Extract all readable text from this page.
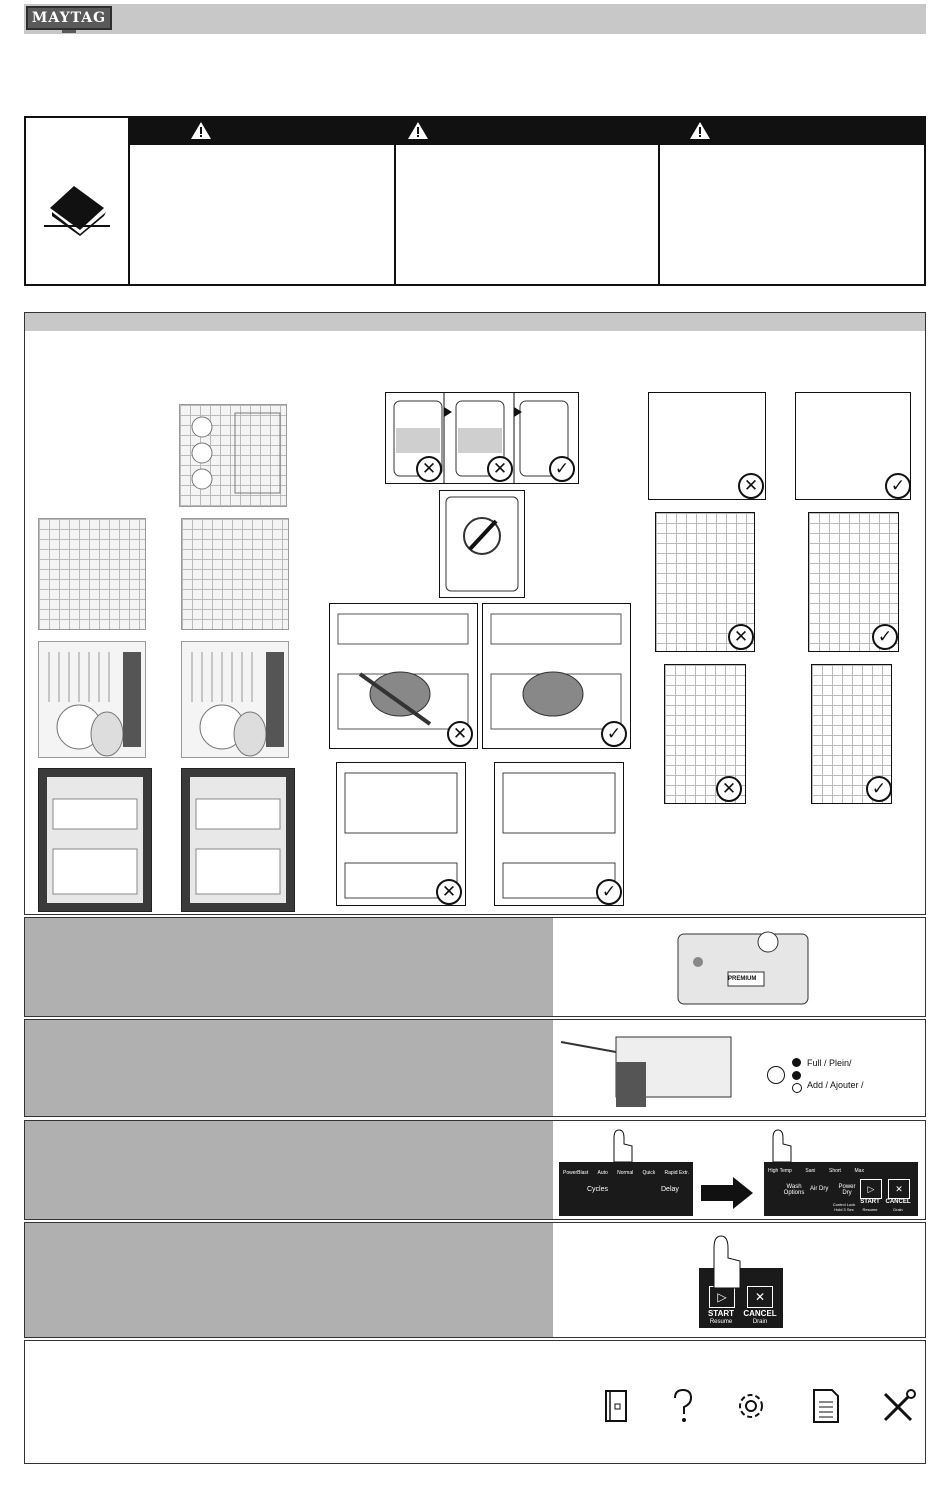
MAYTAG
✕	✕	✓
✕	✓
✕	✓
✕	✓
✕	✓
✕	✓
PREMIUM
Full / Plein/
Add / Ajouter /
PowerBlast Auto Normal Quick Rapid Extr.
Cycles	Delay
High Temp	Sani	Short	Max
Wash Options
Air Dry	Power Dry
Control Lock Hold 3 Sec
▷	✕
START CANCEL
Resume	Drain
▷	✕
START	CANCEL
Resume	Drain
